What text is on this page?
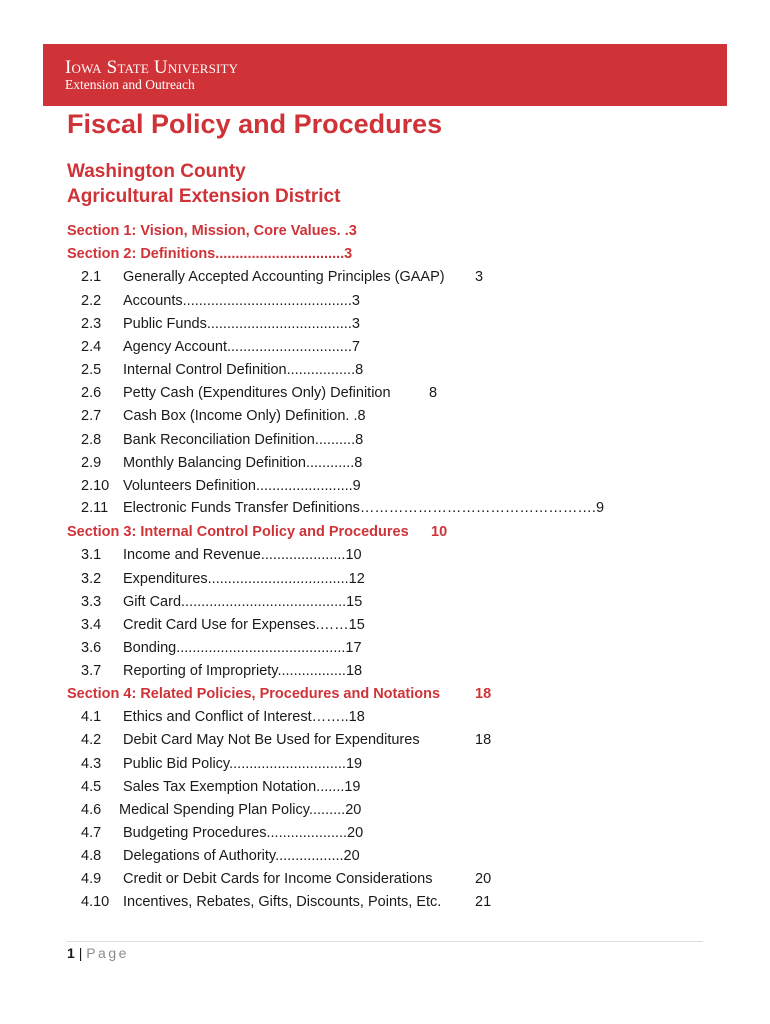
Iowa State University
Extension and Outreach
Fiscal Policy and Procedures
Washington County
Agricultural Extension District
Section 1: Vision, Mission, Core Values. .3
Section 2: Definitions................................3
2.1 Generally Accepted Accounting Principles (GAAP) 3
2.2 Accounts..........................................3
2.3 Public Funds....................................3
2.4 Agency Account...............................7
2.5 Internal Control Definition.................8
2.6 Petty Cash (Expenditures Only) Definition	8
2.7 Cash Box (Income Only) Definition. .8
2.8 Bank Reconciliation Definition..........8
2.9 Monthly Balancing Definition............8
2.10 Volunteers Definition........................9
2.11 Electronic Funds Transfer Definitions………………………………………….9
Section 3: Internal Control Policy and Procedures 10
3.1 Income and Revenue.....................10
3.2 Expenditures...................................12
3.3 Gift Card.........................................15
3.4 Credit Card Use for Expenses.……15
3.6 Bonding..........................................17
3.7 Reporting of Impropriety.................18
Section 4: Related Policies, Procedures and Notations 18
4.1 Ethics and Conflict of Interest……..18
4.2 Debit Card May Not Be Used for Expenditures	18
4.3 Public Bid Policy.............................19
4.5 Sales Tax Exemption Notation.......19
4.6 Medical Spending Plan Policy.........20
4.7 Budgeting Procedures....................20
4.8 Delegations of Authority.................20
4.9 Credit or Debit Cards for Income Considerations	20
4.10 Incentives, Rebates, Gifts, Discounts, Points, Etc. 21
1 | Page
